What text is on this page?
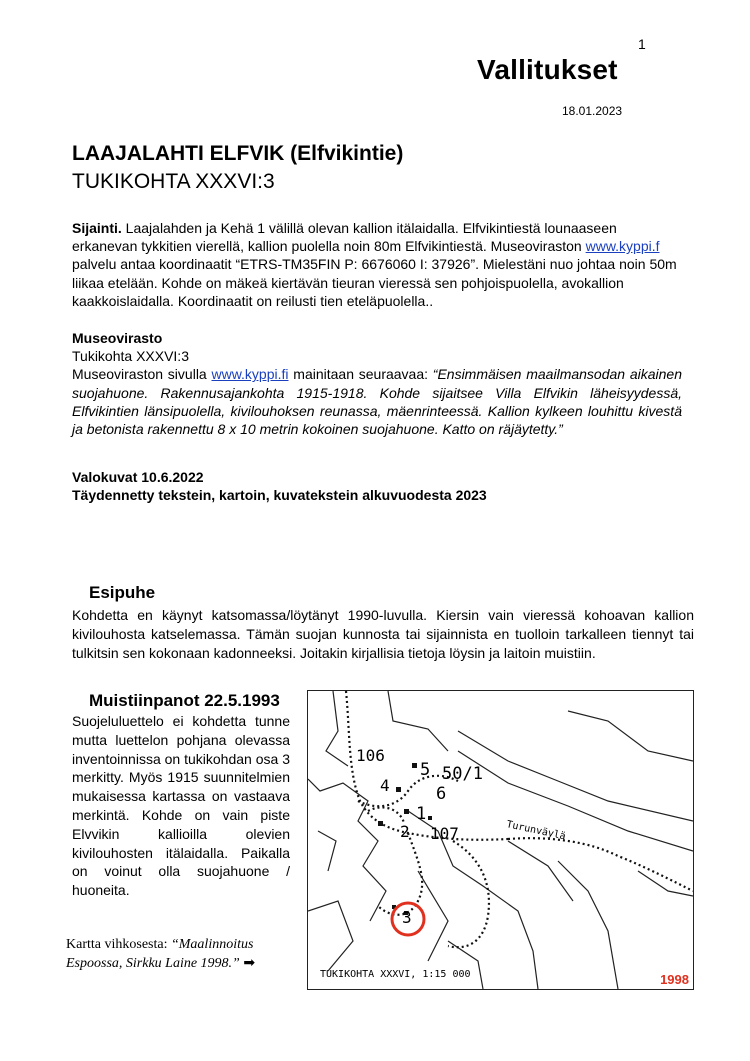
1
Vallitukset
18.01.2023
LAAJALAHTI ELFVIK (Elfvikintie)
TUKIKOHTA XXXVI:3
Sijainti. Laajalahden ja Kehä 1 välillä olevan kallion itälaidalla. Elfvikintiestä lounaaseen erkanevan tykkitien vierellä, kallion puolella noin 80m Elfvikintiestä. Museoviraston www.kyppi.f palvelu antaa koordinaatit “ETRS-TM35FIN P: 6676060 I: 37926”. Mielestäni nuo johtaa noin 50m liikaa etelään. Kohde on mäkeä kiertävän tieuran vieressä sen pohjoispuolella, avokallion kaakkoislaidalla. Koordinaatit on reilusti tien eteläpuolella..
Museovirasto
Tukikohta XXXVI:3

Museoviraston sivulla www.kyppi.fi mainitaan seuraavaa: “Ensimmäisen maailmansodan aikainen suojahuone. Rakennusajankohta 1915-1918. Kohde sijaitsee Villa Elfvikin läheisyydessä, Elfvikintien länsipuolella, kivilouhoksen reunassa, mäenrinteessä. Kallion kylkeen louhittu kivestä ja betonista rakennettu 8 x 10 metrin kokoinen suojahuone. Katto on räjäytetty.”
Valokuvat 10.6.2022
Täydennetty tekstein, kartoin, kuvatekstein alkuvuodesta 2023
Esipuhe
Kohdetta en käynyt katsomassa/löytänyt 1990-luvulla. Kiersin vain vieressä kohoavan kallion kivilouhosta katselemassa. Tämän suojan kunnosta tai sijainnista en tuolloin tarkalleen tiennyt tai tulkitsin sen kokonaan kadonneeksi. Joitakin kirjallisia tietoja löysin ja laitoin muistiin.
Muistiinpanot 22.5.1993
Suojeluluettelo ei kohdetta tunne mutta luettelon pohjana olevassa inventoinnissa on tukikohdan osa 3 merkitty. Myös 1915 suunnitelmien mukaisessa kartassa on vastaava merkintä. Kohde on vain piste Elvvikin kallioilla olevien kivilouhosten itälaidalla. Paikalla on voinut olla suojahuone / huoneita.
Kartta vihkosesta: “Maalinnoitus Espoossa, Sirkku Laine 1998.” ➡
106
5 50/1
4	6
1
2 107	Turunväylä
3
TUKIKOHTA XXXVI, 1:15 000	1998
